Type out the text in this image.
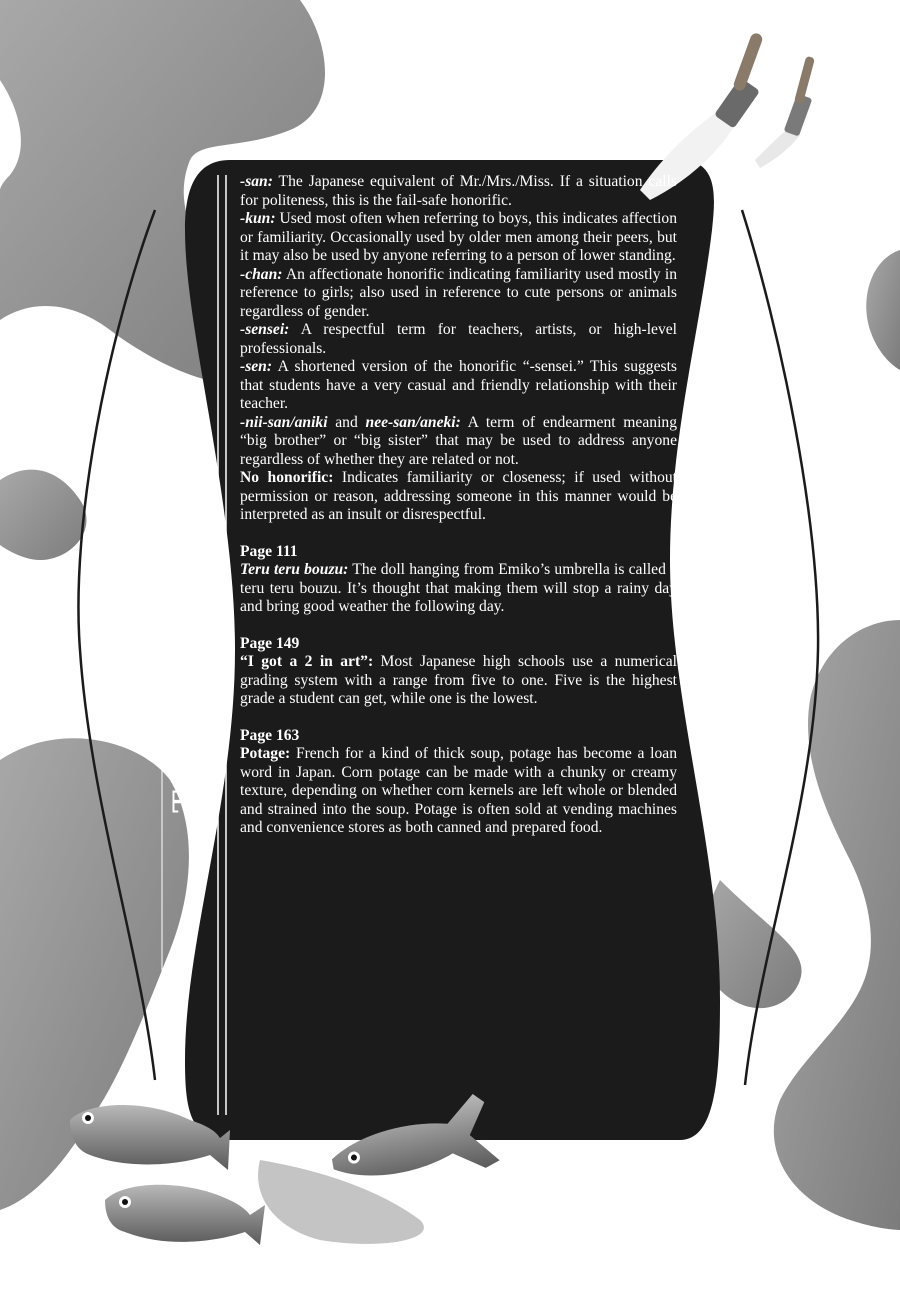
Translation Notes

-san: The Japanese equivalent of Mr./Mrs./Miss. If a situation calls for politeness, this is the fail-safe honorific.

-kun: Used most often when referring to boys, this indicates affection or familiarity. Occasionally used by older men among their peers, but it may also be used by anyone referring to a person of lower standing.

-chan: An affectionate honorific indicating familiarity used mostly in reference to girls; also used in reference to cute persons or animals regardless of gender.

-sensei: A respectful term for teachers, artists, or high-level professionals.

-sen: A shortened version of the honorific “-sensei.” This suggests that students have a very casual and friendly relationship with their teacher.

-nii-san/aniki and nee-san/aneki: A term of endearment meaning “big brother” or “big sister” that may be used to address anyone regardless of whether they are related or not.

No honorific: Indicates familiarity or closeness; if used without permission or reason, addressing someone in this manner would be interpreted as an insult or disrespectful.

Page 111

Teru teru bouzu: The doll hanging from Emiko’s umbrella is called a teru teru bouzu. It’s thought that making them will stop a rainy day and bring good weather the following day.

Page 149

“I got a 2 in art”: Most Japanese high schools use a numerical grading system with a range from five to one. Five is the highest grade a student can get, while one is the lowest.

Page 163

Potage: French for a kind of thick soup, potage has become a loan word in Japan. Corn potage can be made with a chunky or creamy texture, depending on whether corn kernels are left whole or blended and strained into the soup. Potage is often sold at vending machines and convenience stores as both canned and prepared food.
